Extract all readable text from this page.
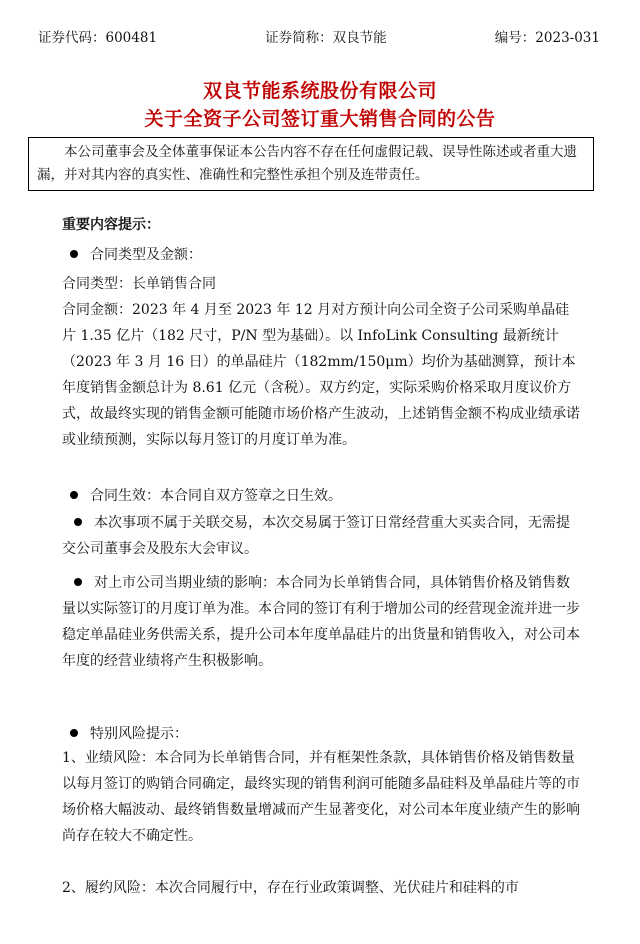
证券代码：600481	证券简称：双良节能	编号：2023-031
双良节能系统股份有限公司
关于全资子公司签订重大销售合同的公告
本公司董事会及全体董事保证本公告内容不存在任何虚假记载、误导性陈述或者重大遗漏，并对其内容的真实性、准确性和完整性承担个别及连带责任。
重要内容提示：
合同类型及金额：
合同类型：长单销售合同
合同金额：2023 年 4 月至 2023 年 12 月对方预计向公司全资子公司采购单晶硅片 1.35 亿片（182 尺寸，P/N 型为基础）。以 InfoLink Consulting 最新统计（2023 年 3 月 16 日）的单晶硅片（182mm/150μm）均价为基础测算，预计本年度销售金额总计为 8.61 亿元（含税）。双方约定，实际采购价格采取月度议价方式，故最终实现的销售金额可能随市场价格产生波动，上述销售金额不构成业绩承诺或业绩预测，实际以每月签订的月度订单为准。
合同生效：本合同自双方签章之日生效。
本次事项不属于关联交易，本次交易属于签订日常经营重大买卖合同，无需提交公司董事会及股东大会审议。
对上市公司当期业绩的影响：本合同为长单销售合同，具体销售价格及销售数量以实际签订的月度订单为准。本合同的签订有利于增加公司的经营现金流并进一步稳定单晶硅业务供需关系，提升公司本年度单晶硅片的出货量和销售收入，对公司本年度的经营业绩将产生积极影响。
特别风险提示：
1、业绩风险：本合同为长单销售合同，并有框架性条款，具体销售价格及销售数量以每月签订的购销合同确定，最终实现的销售利润可能随多晶硅料及单晶硅片等的市场价格大幅波动、最终销售数量增减而产生显著变化，对公司本年度业绩产生的影响尚存在较大不确定性。
2、履约风险：本次合同履行中，存在行业政策调整、光伏硅片和硅料的市
